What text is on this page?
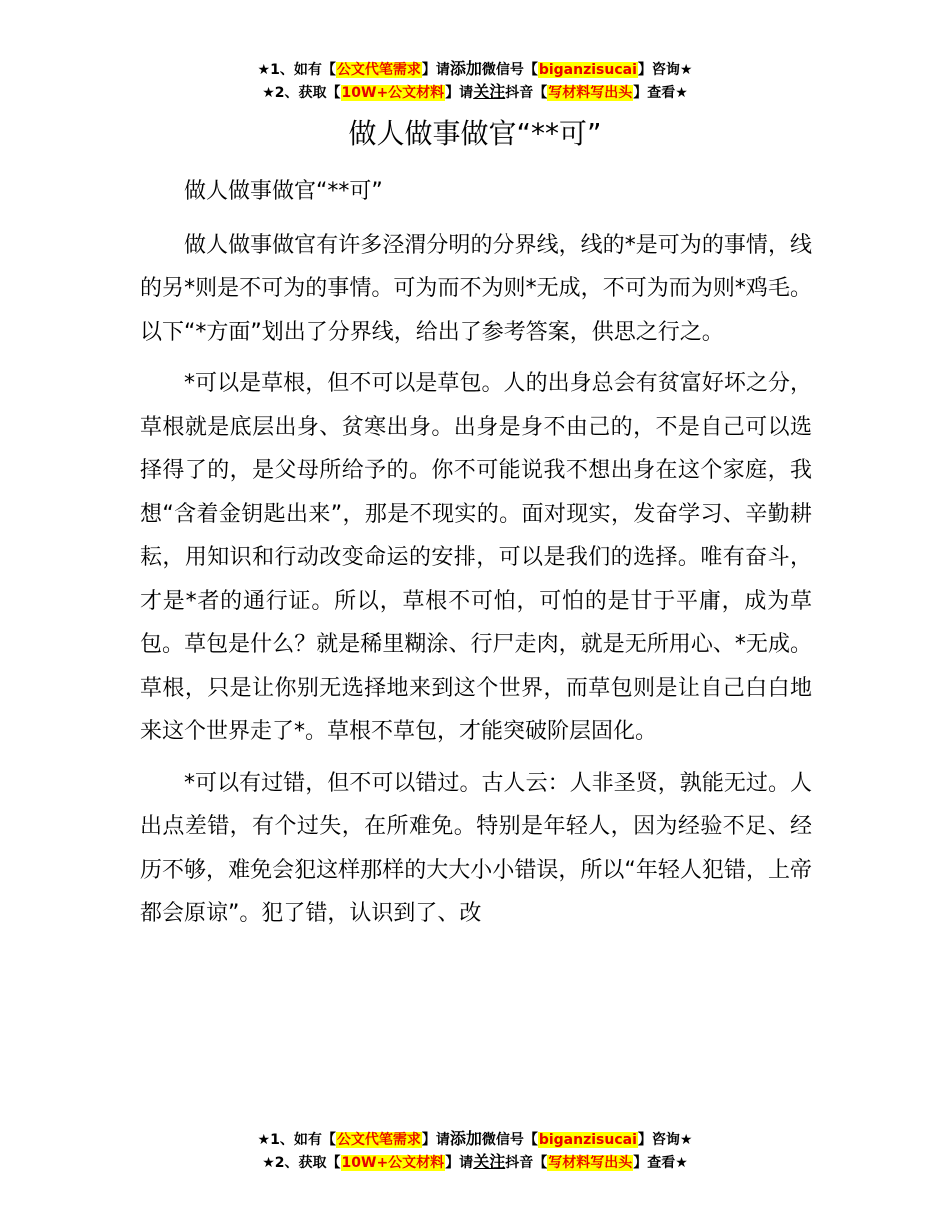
★1、如有【公文代笔需求】请添加微信号【biganzisucai】咨询★
★2、获取【10W+公文材料】请关注抖音【写材料写出头】查看★
做人做事做官“**可”

做人做事做官“**可”

做人做事做官有许多泾渭分明的分界线，线的*是可为的事情，线的另*则是不可为的事情。可为而不为则*无成，不可为而为则*鸡毛。以下“*方面”划出了分界线，给出了参考答案，供思之行之。

*可以是草根，但不可以是草包。人的出身总会有贫富好坏之分，草根就是底层出身、贫寒出身。出身是身不由己的，不是自己可以选择得了的，是父母所给予的。你不可能说我不想出身在这个家庭，我想“含着金钥匙出来”，那是不现实的。面对现实，发奋学习、辛勤耕耘，用知识和行动改变命运的安排，可以是我们的选择。唯有奋斗，才是*者的通行证。所以，草根不可怕，可怕的是甘于平庸，成为草包。草包是什么？就是稀里糊涂、行尸走肉，就是无所用心、*无成。草根，只是让你别无选择地来到这个世界，而草包则是让自己白白地来这个世界走了*。草根不草包，才能突破阶层固化。

*可以有过错，但不可以错过。古人云：人非圣贤，孰能无过。人出点差错，有个过失，在所难免。特别是年轻人，因为经验不足、经历不够，难免会犯这样那样的大大小小错误，所以“年轻人犯错，上帝都会原谅”。犯了错，认识到了、改

★1、如有【公文代笔需求】请添加微信号【biganzisucai】咨询★
★2、获取【10W+公文材料】请关注抖音【写材料写出头】查看★
